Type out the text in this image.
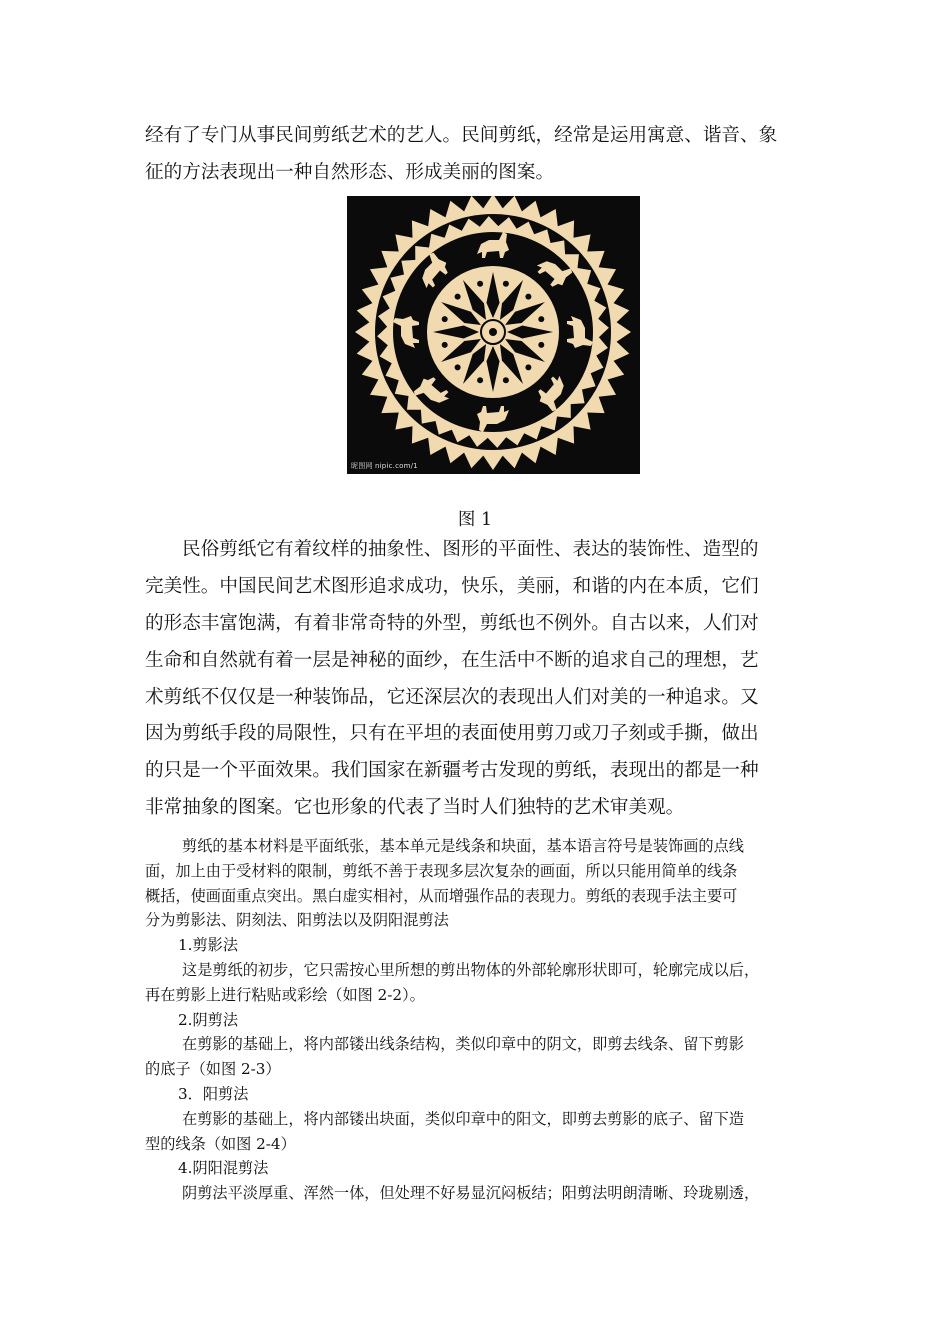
经有了专门从事民间剪纸艺术的艺人。民间剪纸，经常是运用寓意、谐音、象
征的方法表现出一种自然形态、形成美丽的图案。
昵图网 nipic.com/1
图 1
民俗剪纸它有着纹样的抽象性、图形的平面性、表达的装饰性、造型的
完美性。中国民间艺术图形追求成功，快乐，美丽，和谐的内在本质，它们
的形态丰富饱满，有着非常奇特的外型，剪纸也不例外。自古以来，人们对
生命和自然就有着一层是神秘的面纱，在生活中不断的追求自己的理想，艺
术剪纸不仅仅是一种装饰品，它还深层次的表现出人们对美的一种追求。又
因为剪纸手段的局限性，只有在平坦的表面使用剪刀或刀子刻或手撕，做出
的只是一个平面效果。我们国家在新疆考古发现的剪纸，表现出的都是一种
非常抽象的图案。它也形象的代表了当时人们独特的艺术审美观。
剪纸的基本材料是平面纸张，基本单元是线条和块面，基本语言符号是装饰画的点线
面，加上由于受材料的限制，剪纸不善于表现多层次复杂的画面，所以只能用简单的线条
概括，使画面重点突出。黑白虚实相衬，从而增强作品的表现力。剪纸的表现手法主要可
分为剪影法、阴刻法、阳剪法以及阴阳混剪法
1.剪影法
这是剪纸的初步，它只需按心里所想的剪出物体的外部轮廓形状即可，轮廓完成以后，
再在剪影上进行粘贴或彩绘（如图 2-2）。
2.阴剪法
在剪影的基础上，将内部镂出线条结构，类似印章中的阴文，即剪去线条、留下剪影
的底子（如图 2-3）
3．阳剪法
在剪影的基础上，将内部镂出块面，类似印章中的阳文，即剪去剪影的底子、留下造
型的线条（如图 2-4）
4.阴阳混剪法
阴剪法平淡厚重、浑然一体，但处理不好易显沉闷板结；阳剪法明朗清晰、玲珑剔透，
